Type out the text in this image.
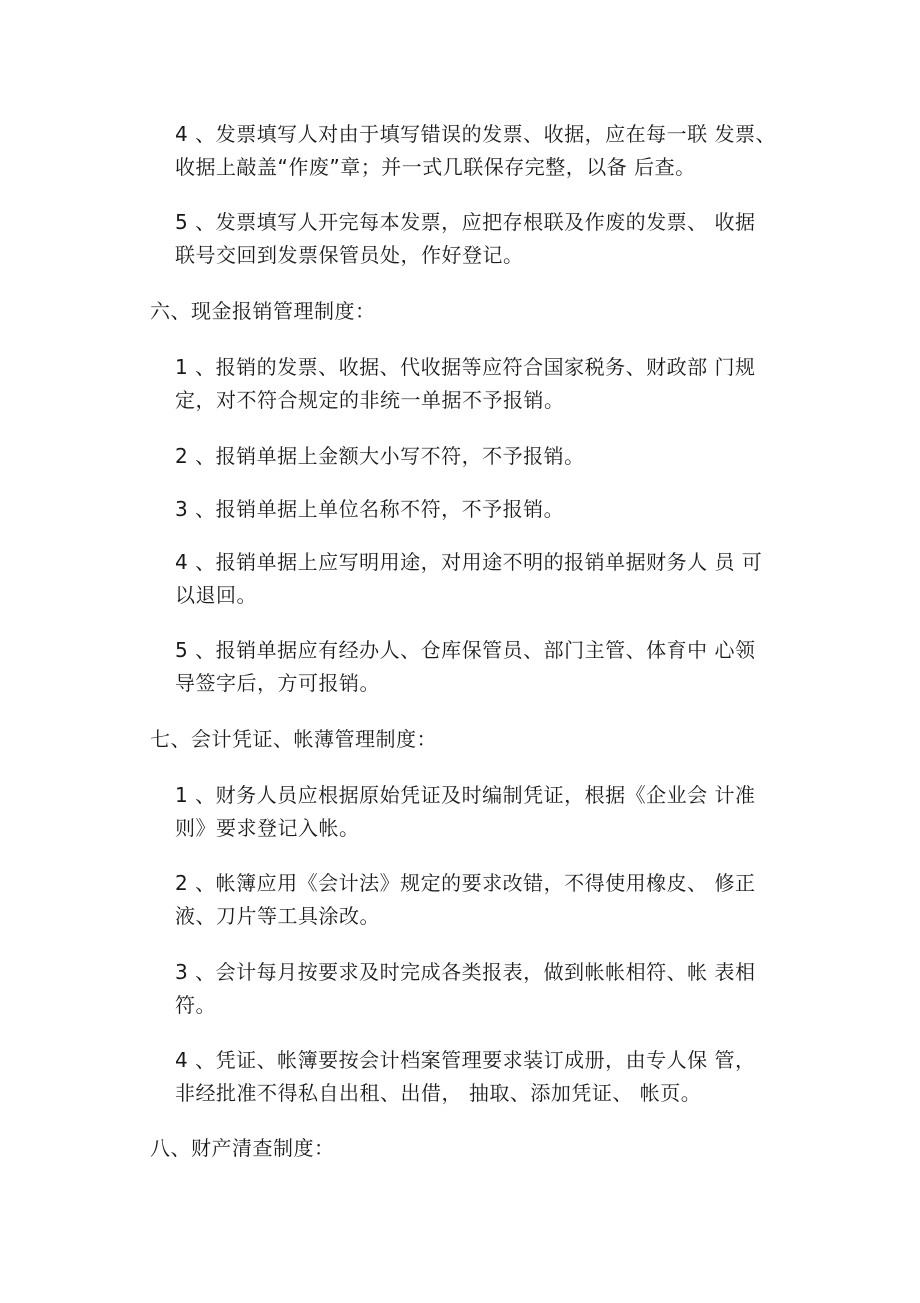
4 、发票填写人对由于填写错误的发票、收据，应在每一联 发票、
收据上敲盖“作废”章；并一式几联保存完整，以备 后查。
5 、发票填写人开完每本发票，应把存根联及作废的发票、 收据
联号交回到发票保管员处，作好登记。
六、现金报销管理制度：
1 、报销的发票、收据、代收据等应符合国家税务、财政部 门规
定，对不符合规定的非统一单据不予报销。
2 、报销单据上金额大小写不符，不予报销。
3 、报销单据上单位名称不符，不予报销。
4 、报销单据上应写明用途，对用途不明的报销单据财务人 员 可
以退回。
5 、报销单据应有经办人、仓库保管员、部门主管、体育中 心领
导签字后，方可报销。
七、会计凭证、帐薄管理制度：
1 、财务人员应根据原始凭证及时编制凭证，根据《企业会 计准
则》要求登记入帐。
2 、帐簿应用《会计法》规定的要求改错，不得使用橡皮、 修正
液、刀片等工具涂改。
3 、会计每月按要求及时完成各类报表，做到帐帐相符、帐 表相
符。
4 、凭证、帐簿要按会计档案管理要求装订成册，由专人保 管，
非经批准不得私自出租、出借， 抽取、添加凭证、 帐页。
八、财产清查制度：
